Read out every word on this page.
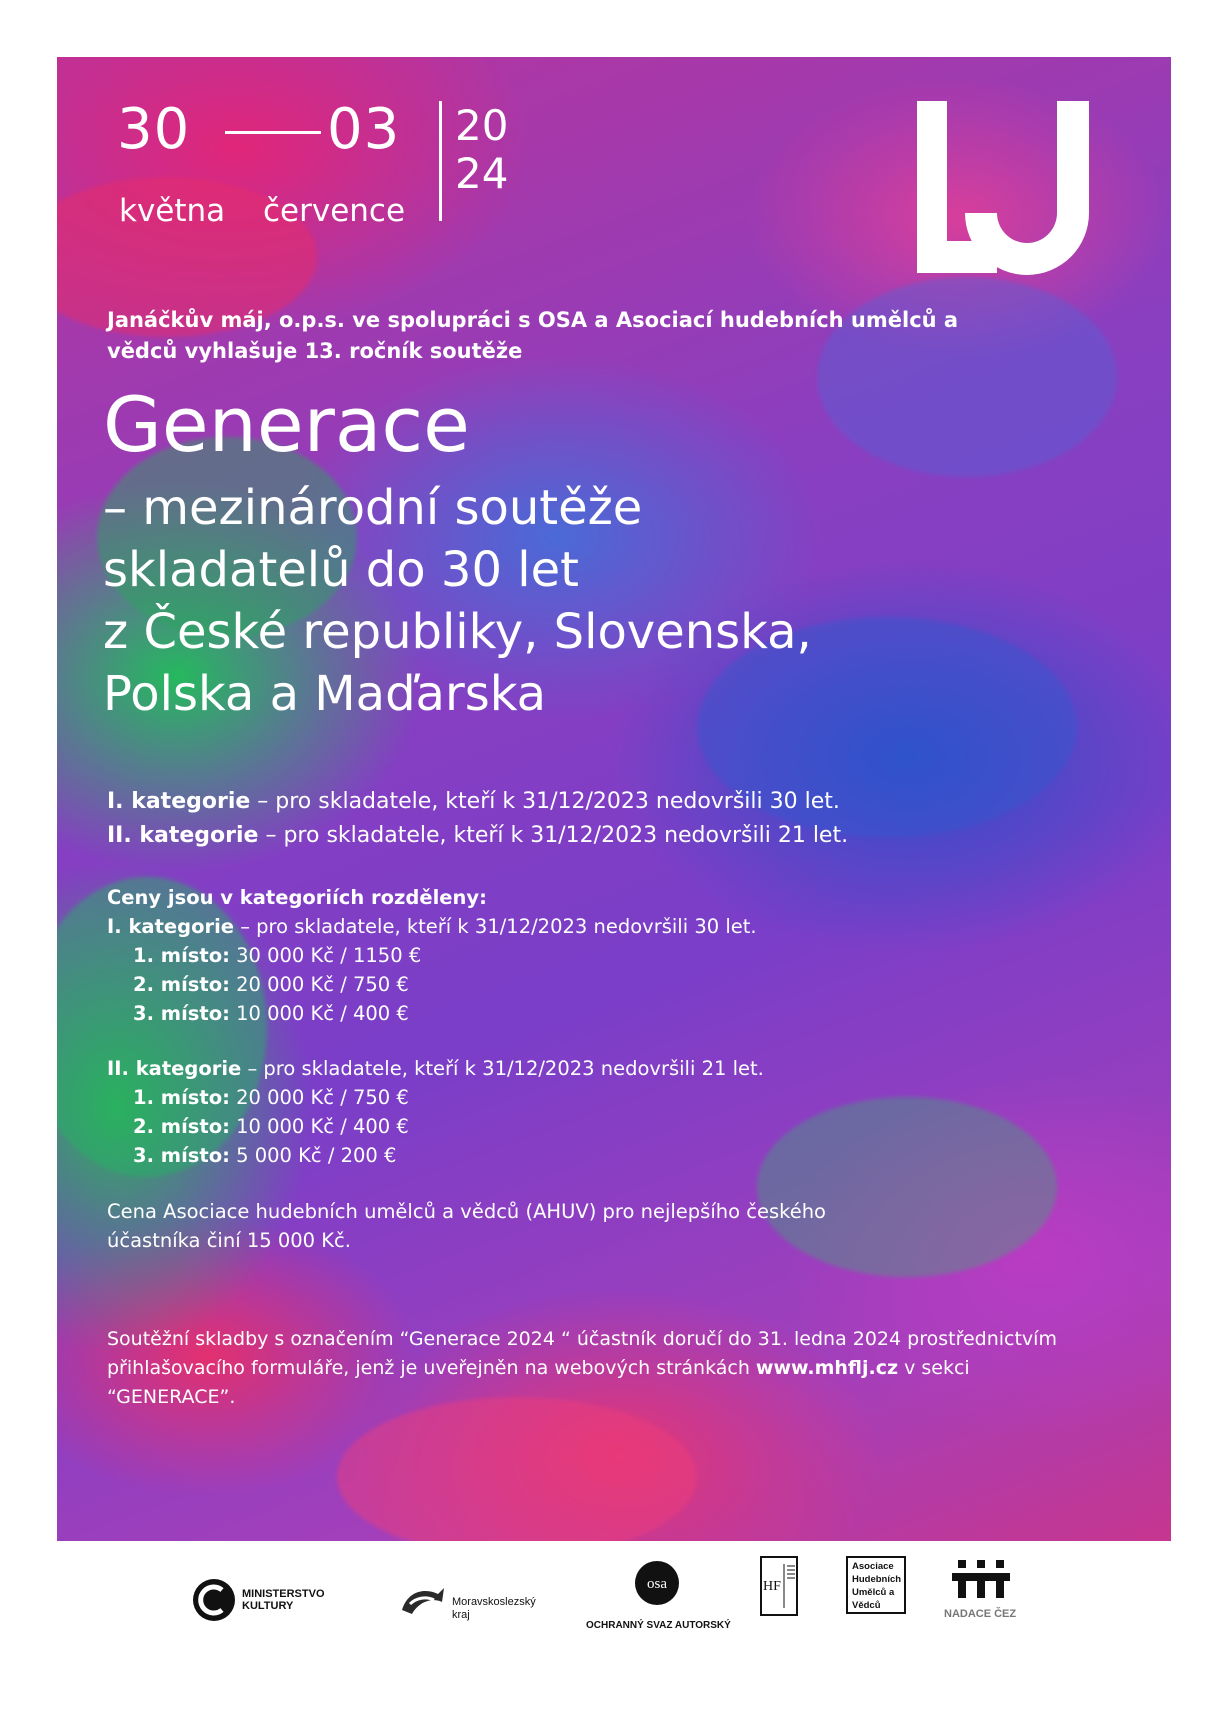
30 03
května července
20
24
Janáčkův máj, o.p.s. ve spolupráci s OSA a Asociací hudebních umělců a vědců vyhlašuje 13. ročník soutěže
Generace
– mezinárodní soutěže
skladatelů do 30 let
z České republiky, Slovenska,
Polska a Maďarska
I. kategorie – pro skladatele, kteří k 31/12/2023 nedovršili 30 let.
II. kategorie – pro skladatele, kteří k 31/12/2023 nedovršili 21 let.
Ceny jsou v kategoriích rozděleny:
I. kategorie – pro skladatele, kteří k 31/12/2023 nedovršili 30 let.
1. místo: 30 000 Kč / 1150 €
2. místo: 20 000 Kč / 750 €
3. místo: 10 000 Kč / 400 €
II. kategorie – pro skladatele, kteří k 31/12/2023 nedovršili 21 let.
1. místo: 20 000 Kč / 750 €
2. místo: 10 000 Kč / 400 €
3. místo: 5 000 Kč / 200 €
Cena Asociace hudebních umělců a vědců (AHUV) pro nejlepšího českého účastníka činí 15 000 Kč.
Soutěžní skladby s označením “Generace 2024 “ účastník doručí do 31. ledna 2024 prostřednictvím přihlašovacího formuláře, jenž je uveřejněn na webových stránkách www.mhflj.cz v sekci “GENERACE”.
MINISTERSTVO
KULTURY	Moravskoslezský
kraj
osa
OCHRANNÝ SVAZ AUTORSKÝ
HF
Asociace
Hudebních
Umělců a
Vědců
NADACE ČEZ
